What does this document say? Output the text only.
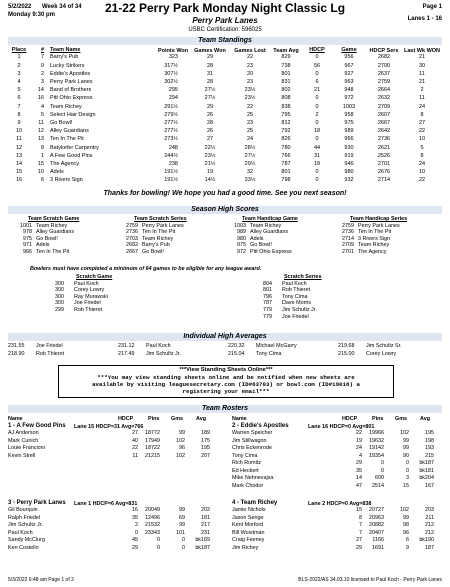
5/2/2022 Week 34 of 34
Monday 9:30 pm	21-22 Perry Park Monday Night Classic Lg	Page 1
Perry Park Lanes	Lanes 1 - 16
USBC Certification: 596025
Team Standings
Place	#	Team Name	Points Won	Games Won	Games Lost	Team Avg	HDCP	Game	HDCP Sers	Last Wk WON
1	7	Barry's Pub	323	29	22	829	0	956	2682	21
2	9	Lucky Strikers	317½	28	23	738	56	967	2700	30
3	2	Eddie's Apostles	307½	31	20	801	0	927	2637	11
4	3	Perry Park Lanes	302½	28	23	831	6	963	2759	21
5	14	Band of Brothers	295	27½	23½	802	21	948	2664	2
6	16	Pitt Ohio Express	294	27½	23½	808	0	972	2632	11
7	4	Team Richey	291½	29	22	838	0	1003	2709	24
8	5	Select Hair Design	279½	26	25	795	2	958	2607	8
9	11	Go Bowl!	277½	28	23	812	0	975	2667	27
10	12	Alley Guardians	277½	26	25	792	18	989	2642	22
11	13	Ten In The Pit	273½	27	24	826	0	966	2736	10
12	8	Batykefer Carpentry	248	22½	28½	780	44	930	2621	5
13	1	A Few Good Pins	244½	23½	27½	766	31	919	2526	8
14	15	The Agency	238	21½	29½	787	18	946	2701	24
15	10	Adels	191½	19	32	801	0	980	2676	10
16	6	3 Rivers Sign	191½	14½	33½	798	0	932	2714	22
Thanks for bowling! We hope you had a good time. See you next season!
Season High Scores
Team Scratch Game
1001	Team Richey
978	Alley Guardians
975	Go Bowl!
971	Adels
966	Ten In The Pit
Team Scratch Series
2759	Perry Park Lanes
2736	Ten In The Pit
2703	Team Richey
2682	Barry's Pub
2667	Go Bowl!
Team Handicap Game
1003	Team Richey
989	Alley Guardians
980	Adels
975	Go Bowl!
972	Pitt Ohio Express
Team Handicap Series
2759	Perry Park Lanes
2736	Ten In The Pit
2714	3 Rivers Sign
2709	Team Richey
2701	The Agency
Bowlers must have completed a minimum of 64 games to be eligible for any league award.
Scratch Game
300	Paul Koch
300	Corey Lowry
300	Ray Murawski
300	Joe Friedel
299	Rob Thieret
Scratch Series
804	Paul Koch
801	Rob Thieret
796	Tony Cima
787	Dave Morris
779	Jim Schultz Jr.
779	Joe Friedel
Individual High Averages
231.55 Joe Friedel	231.12 Paul Koch	220.32 Michael McGarry	219.68 Jim Schultz Sr.
218.90 Rob Thieret	217.49 Jim Schultz Jr.	215.04 Tony Cima	215.00 Corey Lowry
***View Standing Sheets Online***
***You may view standing sheets online and be notified when new sheets are
available by visiting leaguesecretary.com (ID#63703) or bowl.com (ID#19018) a
registering your email***
Team Rosters
Name	HDCP	Pins Gms Avg	Name	HDCP	Pins Gms Avg
1 - A Few Good Pins Lane 15 HDCP=31 Avg=766
AJ Anderson	27	18772	99	189
Mark Cunich	40	17949	102	175
Louie Francioni	22	18722	96	195
Kevin Strell	11	21215	102	207
2 - Eddie's Apostles	Lane 16 HDCP=0 Avg=801
Warren Speicher	22	19966	102	195
Jim Stillwagon	19	19632	99	198
Chris Eckenrode	24	19142	99	193
Tony Cima	4	19354	90	215
Rich Romitz	29	0	0	bk187
Ed Heckert	35	0	0	bk181
Mike Nehnevajsa	14	600	3	bk204
Mark Chodor	47	2514	15	167
3 - Perry Park Lanes Lane 1 HDCP=6 Avg=831
Gil Bourquin	16	20049	99	202
Ralph Friedel	35	12496	69	181
Jim Schultz Jr.	2	21532	99	217
Paul Koch	0	23343	101	231
Sandy McClurg	45	0	0	bk169
Ken Costello	29	0	0	bk187
4 - Team Richey	Lane 2 HDCP=0 Avg=838
Jamie Nichols	15	20727	102	203
Jason Senge	8	20963	99	211
Kent Morford	7	20882	98	212
Bill Woistman	7	20407	96	212
Craig Feeney	27	1166	6	bk190
Jim Richey	29	1691	9	187
5/3/2022 6:48 am Page 1 of 2	BLS-2022/AS 34.03.10 licensed to Paul Koch - Perry Park Lanes
